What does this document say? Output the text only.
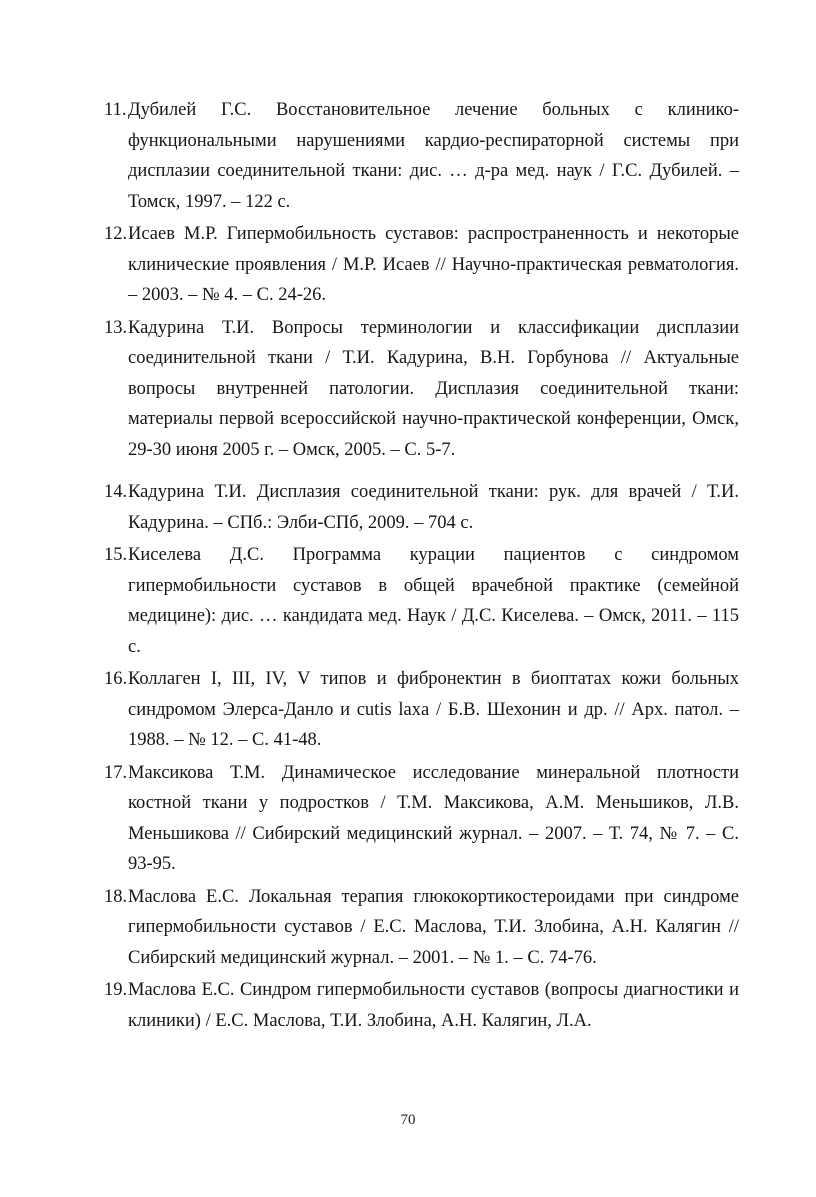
11. Дубилей Г.С. Восстановительное лечение больных с клинико-функциональными нарушениями кардио-респираторной системы при дисплазии соединительной ткани: дис. … д-ра мед. наук / Г.С. Дубилей. – Томск, 1997. – 122 с.
12. Исаев М.Р. Гипермобильность суставов: распространенность и некоторые клинические проявления / М.Р. Исаев // Научно-практическая ревматология. – 2003. – № 4. – С. 24-26.
13. Кадурина Т.И. Вопросы терминологии и классификации дисплазии соединительной ткани / Т.И. Кадурина, В.Н. Горбунова // Актуальные вопросы внутренней патологии. Дисплазия соединительной ткани: материалы первой всероссийской научно-практической конференции, Омск, 29-30 июня 2005 г. – Омск, 2005. – С. 5-7.
14. Кадурина Т.И. Дисплазия соединительной ткани: рук. для врачей / Т.И. Кадурина. – СПб.: Элби-СПб, 2009. – 704 с.
15. Киселева Д.С. Программа курации пациентов с синдромом гипермобильности суставов в общей врачебной практике (семейной медицине): дис. … кандидата мед. Наук / Д.С. Киселева. – Омск, 2011. – 115 с.
16. Коллаген I, III, IV, V типов и фибронектин в биоптатах кожи больных синдромом Элерса-Данло и cutis laxa / Б.В. Шехонин и др. // Арх. патол. – 1988. – № 12. – С. 41-48.
17. Максикова Т.М. Динамическое исследование минеральной плотности костной ткани у подростков / Т.М. Максикова, А.М. Меньшиков, Л.В. Меньшикова // Сибирский медицинский журнал. – 2007. – Т. 74, № 7. – С. 93-95.
18. Маслова Е.С. Локальная терапия глюкокортикостероидами при синдроме гипермобильности суставов / Е.С. Маслова, Т.И. Злобина, А.Н. Калягин // Сибирский медицинский журнал. – 2001. – № 1. – С. 74-76.
19. Маслова Е.С. Синдром гипермобильности суставов (вопросы диагностики и клиники) / Е.С. Маслова, Т.И. Злобина, А.Н. Калягин, Л.А.
70
